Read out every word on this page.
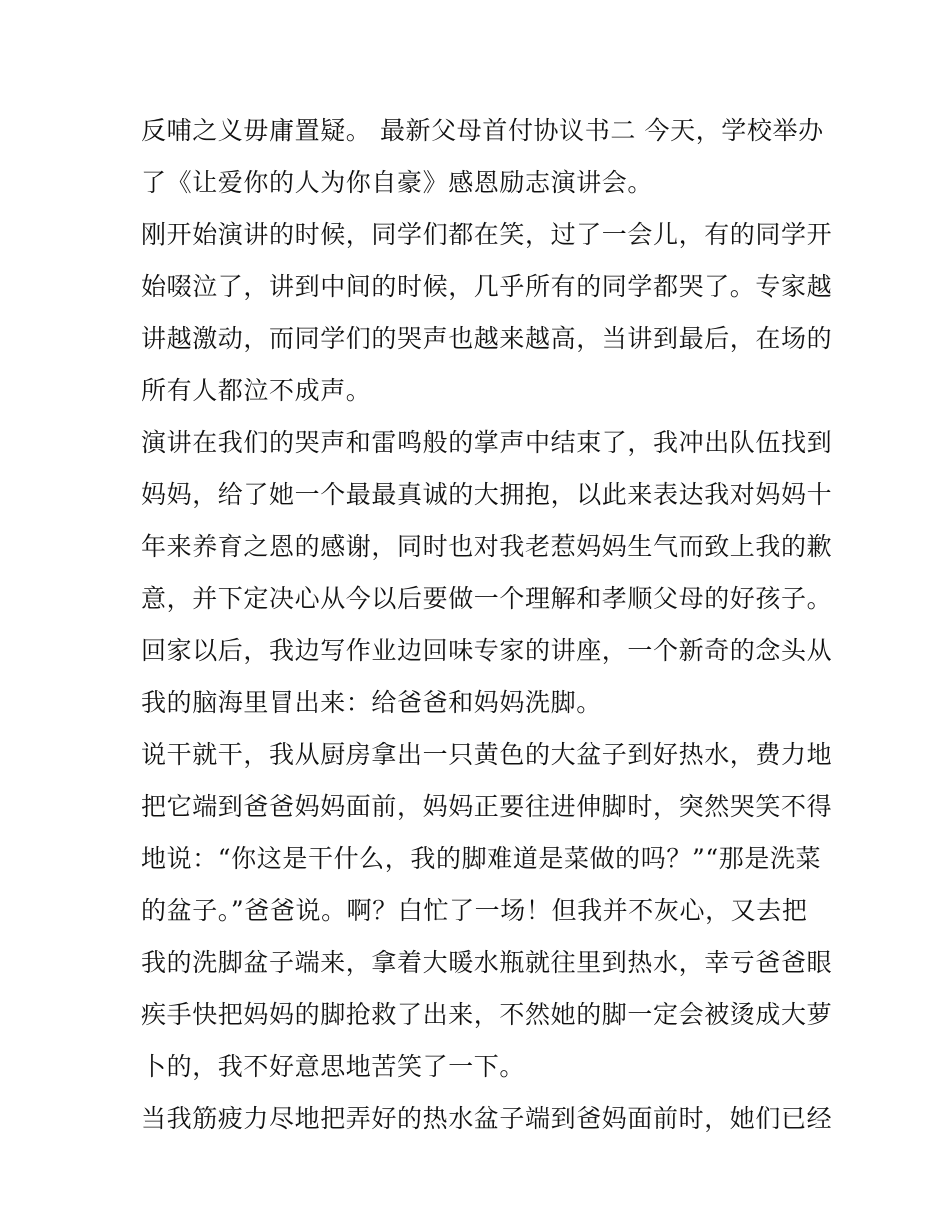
反哺之义毋庸置疑。 最新父母首付协议书二 今天，学校举办
了《让爱你的人为你自豪》感恩励志演讲会。
刚开始演讲的时候，同学们都在笑，过了一会儿，有的同学开
始啜泣了，讲到中间的时候，几乎所有的同学都哭了。专家越
讲越激动，而同学们的哭声也越来越高，当讲到最后，在场的
所有人都泣不成声。
演讲在我们的哭声和雷鸣般的掌声中结束了，我冲出队伍找到
妈妈，给了她一个最最真诚的大拥抱，以此来表达我对妈妈十
年来养育之恩的感谢，同时也对我老惹妈妈生气而致上我的歉
意，并下定决心从今以后要做一个理解和孝顺父母的好孩子。
回家以后，我边写作业边回味专家的讲座，一个新奇的念头从
我的脑海里冒出来：给爸爸和妈妈洗脚。
说干就干，我从厨房拿出一只黄色的大盆子到好热水，费力地
把它端到爸爸妈妈面前，妈妈正要往进伸脚时，突然哭笑不得
地说：“你这是干什么，我的脚难道是菜做的吗？”“那是洗菜
的盆子。”爸爸说。啊？白忙了一场！但我并不灰心，又去把
我的洗脚盆子端来，拿着大暖水瓶就往里到热水，幸亏爸爸眼
疾手快把妈妈的脚抢救了出来，不然她的脚一定会被烫成大萝
卜的，我不好意思地苦笑了一下。
当我筋疲力尽地把弄好的热水盆子端到爸妈面前时，她们已经
